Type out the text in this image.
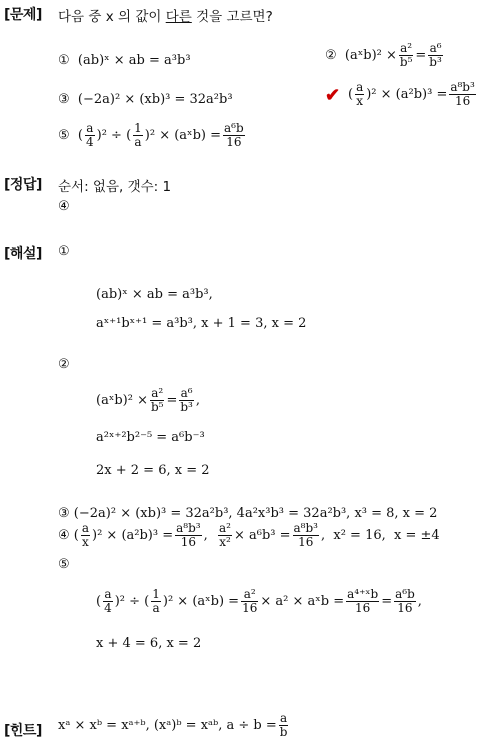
[문제] 다음 중 x 의 값이 다른 것을 고르면?
① (ab)ˣ × ab = a³b³	② (aˣb)² × $\frac{\text{a²}}{\text{b⁵}} = \frac{\text{a⁶}}{\text{b³}}$
③ (−2a)² × (xb)³ = 32a²b³	✔ ( $\frac{a}{x} )^2 \times (a^2b)^3 = \frac{\text{a⁸b³}}{16}$
⑤ ( $\frac{a}{4} )^2$ ÷ ( $\frac{1}{a} )^2$ × (aˣb) = $\frac{\text{a⁶b}}{16}$
[정답] 순서: 없음, 갯수: 1
④
[해설] ①
(ab)ˣ × ab = a³b³,
aˣ⁺¹bˣ⁺¹ = a³b³, x + 1 = 3, x = 2
②
(aˣb)² × $\frac{\text{a²}}{\text{b⁵}} = \frac{\text{a⁶}}{\text{b³}}$ ,
a²ˣ⁺²b²⁻⁵ = a⁶b⁻³
2x + 2 = 6, x = 2
③ (−2a)² × (xb)³ = 32a²b³, 4a²x³b³ = 32a²b³, x³ = 8, x = 2
④ ( $\frac{a}{x} )^2 \times (a^2b)^3 = \frac{\text{a⁸b³}}{16}$ , $\frac{\text{a²}}{\text{x²}} \times a^6b^3 = \frac{\text{a⁸b³}}{16}$ ,  x² = 16,  x = ±4
⑤
( $\frac{a}{4} )^2$ ÷ ( $\frac{1}{a} )^2$ × (aˣb) = $\frac{\text{a²}}{16} \times a^2$ × aˣb = $\frac{\text{a⁴⁺ˣb}}{16} = \frac{\text{a⁶b}}{16}$ ,
x + 4 = 6, x = 2
[힌트] xᵃ × xᵇ = xᵃ⁺ᵇ, (xᵃ)ᵇ = xᵃᵇ, $a \div b = \frac{a}{b}$
